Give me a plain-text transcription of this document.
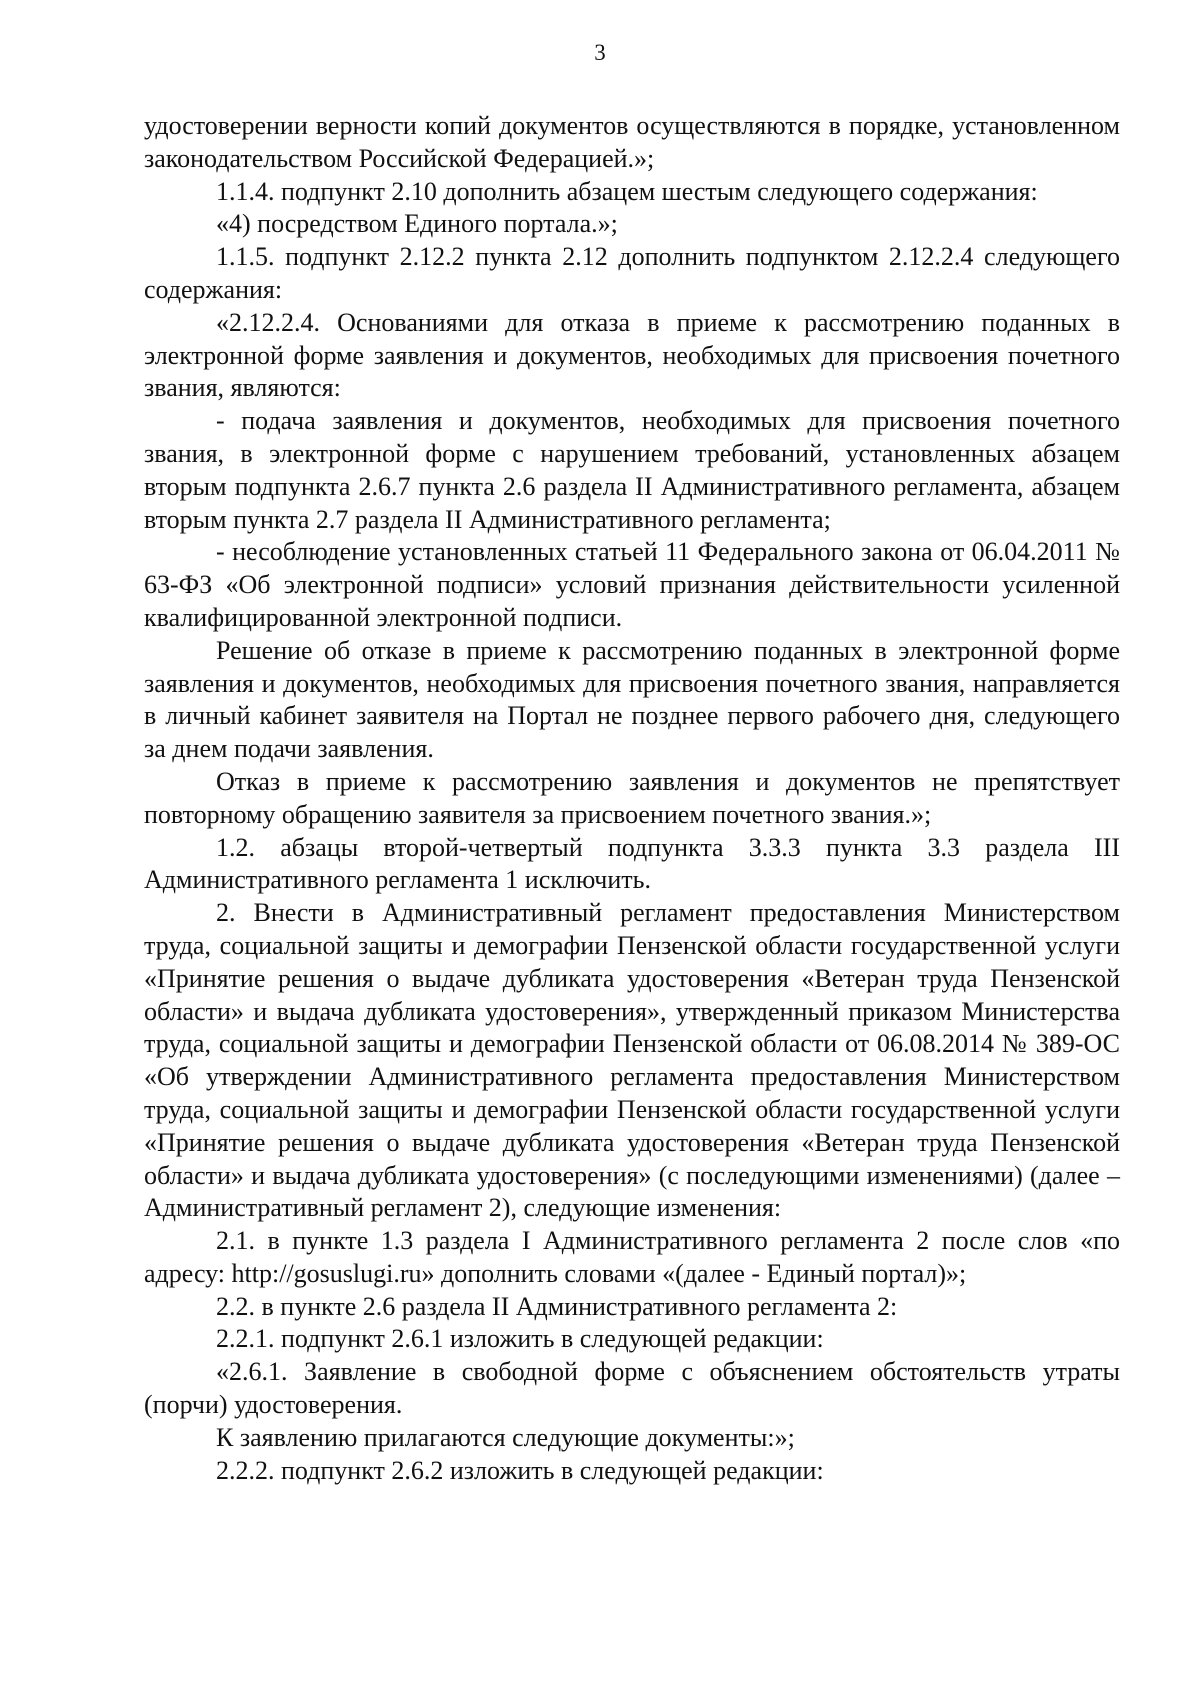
3

удостоверении верности копий документов осуществляются в порядке, установленном законодательством Российской Федерацией.»;

1.1.4. подпункт 2.10 дополнить абзацем шестым следующего содержания:

«4) посредством Единого портала.»;

1.1.5. подпункт 2.12.2 пункта 2.12 дополнить подпунктом 2.12.2.4 следующего содержания:

«2.12.2.4. Основаниями для отказа в приеме к рассмотрению поданных в электронной форме заявления и документов, необходимых для присвоения почетного звания, являются:

- подача заявления и документов, необходимых для присвоения почетного звания, в электронной форме с нарушением требований, установленных абзацем вторым подпункта 2.6.7 пункта 2.6 раздела II Административного регламента, абзацем вторым пункта 2.7 раздела II Административного регламента;

- несоблюдение установленных статьей 11 Федерального закона от 06.04.2011 № 63-ФЗ «Об электронной подписи» условий признания действительности усиленной квалифицированной электронной подписи.

Решение об отказе в приеме к рассмотрению поданных в электронной форме заявления и документов, необходимых для присвоения почетного звания, направляется в личный кабинет заявителя на Портал не позднее первого рабочего дня, следующего за днем подачи заявления.

Отказ в приеме к рассмотрению заявления и документов не препятствует повторному обращению заявителя за присвоением почетного звания.»;

1.2. абзацы второй-четвертый подпункта 3.3.3 пункта 3.3 раздела III Административного регламента 1 исключить.

2. Внести в Административный регламент предоставления Министерством труда, социальной защиты и демографии Пензенской области государственной услуги «Принятие решения о выдаче дубликата удостоверения «Ветеран труда Пензенской области» и выдача дубликата удостоверения», утвержденный приказом Министерства труда, социальной защиты и демографии Пензенской области от 06.08.2014 № 389-ОС «Об утверждении Административного регламента предоставления Министерством труда, социальной защиты и демографии Пензенской области государственной услуги «Принятие решения о выдаче дубликата удостоверения «Ветеран труда Пензенской области» и выдача дубликата удостоверения» (с последующими изменениями) (далее – Административный регламент 2), следующие изменения:

2.1. в пункте 1.3 раздела I Административного регламента 2 после слов «по адресу: http://gosuslugi.ru» дополнить словами «(далее - Единый портал)»;

2.2. в пункте 2.6 раздела II Административного регламента 2:

2.2.1. подпункт 2.6.1 изложить в следующей редакции:

«2.6.1. Заявление в свободной форме с объяснением обстоятельств утраты (порчи) удостоверения.

К заявлению прилагаются следующие документы:»;

2.2.2. подпункт 2.6.2 изложить в следующей редакции:
